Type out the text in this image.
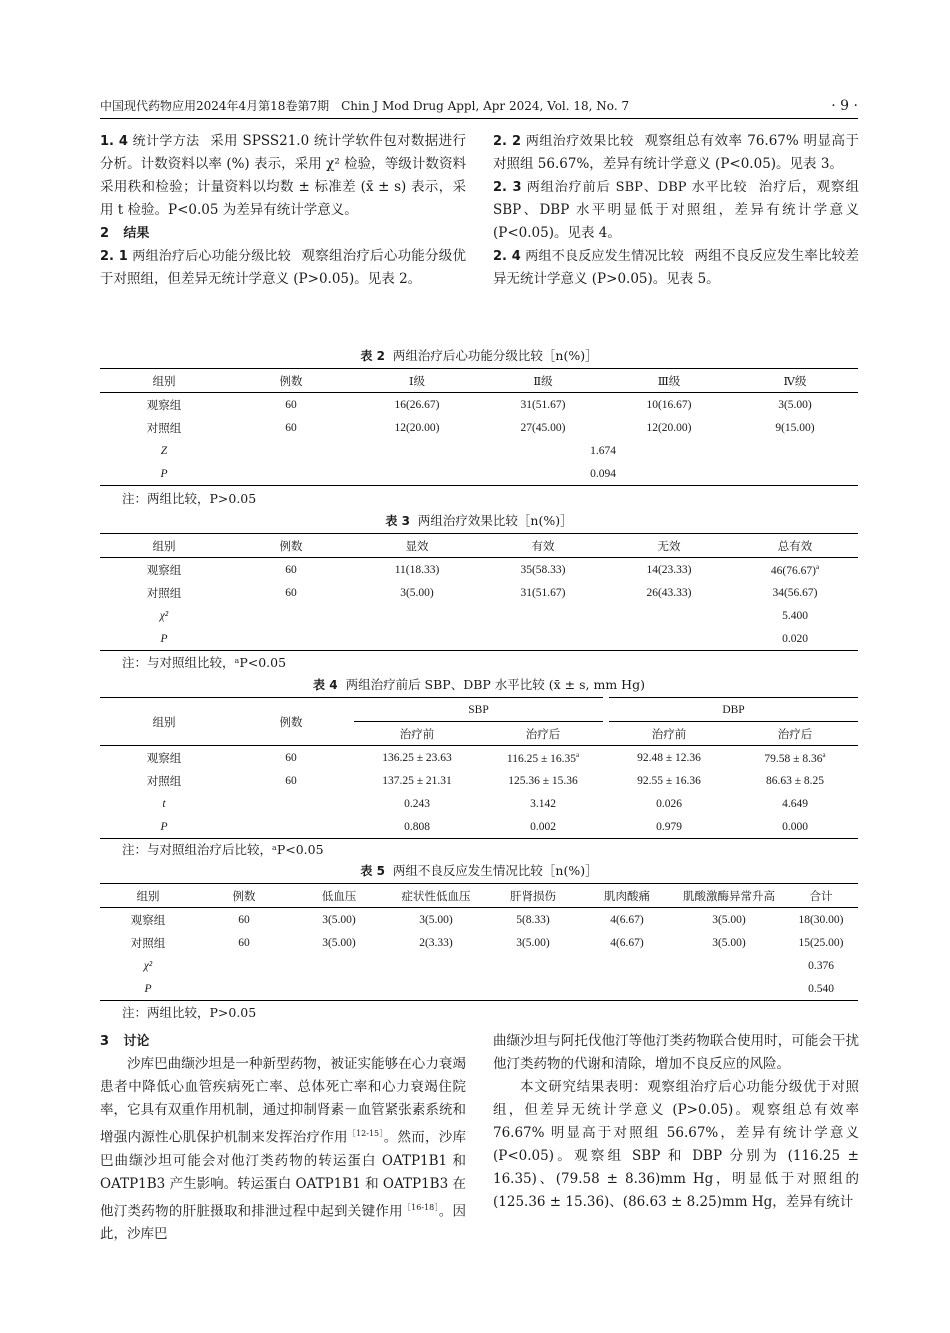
中国现代药物应用2024年4月第18卷第7期　Chin J Mod Drug Appl, Apr 2024, Vol. 18, No. 7	· 9 ·

1. 4 统计学方法 采用 SPSS21.0 统计学软件包对数据进行分析。计数资料以率 (%) 表示，采用 χ² 检验，等级计数资料采用秩和检验；计量资料以均数 ± 标准差 (x̄ ± s) 表示，采用 t 检验。P<0.05 为差异有统计学意义。

2 结果

2. 1 两组治疗后心功能分级比较 观察组治疗后心功能分级优于对照组，但差异无统计学意义 (P>0.05)。见表 2。

2. 2 两组治疗效果比较 观察组总有效率 76.67% 明显高于对照组 56.67%，差异有统计学意义 (P<0.05)。见表 3。

2. 3 两组治疗前后 SBP、DBP 水平比较 治疗后，观察组 SBP、DBP 水平明显低于对照组，差异有统计学意义 (P<0.05)。见表 4。

2. 4 两组不良反应发生情况比较 两组不良反应发生率比较差异无统计学意义 (P>0.05)。见表 5。

表 2 两组治疗后心功能分级比较［n(%)］
组别	例数	Ⅰ级	Ⅱ级	Ⅲ级	Ⅳ级
观察组	60	16(26.67)	31(51.67)	10(16.67)	3(5.00)
对照组	60	12(20.00)	27(45.00)	12(20.00)	9(15.00)
Z	1.674				
P	0.094				
注：两组比较，P>0.05
表 3 两组治疗效果比较［n(%)］
组别	例数	显效	有效	无效	总有效
观察组	60	11(18.33)	35(58.33)	14(23.33)	$46(76.67)^a$
对照组	60	3(5.00)	31(51.67)	26(43.33)	34(56.67)
χ²					5.400
P					0.020
注：与对照组比较，ᵃP<0.05
表 4 两组治疗前后 SBP、DBP 水平比较 (x̄ ± s, mm Hg)
组别	例数	SBP		DBP	
		治疗前	治疗后	治疗前	治疗后
观察组	60	136.25 ± 23.63	116.25 ± 16.35$^a$	92.48 ± 12.36	79.58 ± 8.36$^a$
对照组	60	137.25 ± 21.31	125.36 ± 15.36	92.55 ± 16.36	86.63 ± 8.25
t		0.243	3.142	0.026	4.649
P		0.808	0.002	0.979	0.000
注：与对照组治疗后比较，ᵃP<0.05
表 5 两组不良反应发生情况比较［n(%)］
组别	例数	低血压	症状性低血压	肝肾损伤	肌肉酸痛	肌酸激酶异常升高	合计
观察组	60	3(5.00)	3(5.00)	5(8.33)	4(6.67)	3(5.00)	18(30.00)
对照组	60	3(5.00)	2(3.33)	3(5.00)	4(6.67)	3(5.00)	15(25.00)
χ²							0.376
P							0.540
注：两组比较，P>0.05

3 讨论

沙库巴曲缬沙坦是一种新型药物，被证实能够在心力衰竭患者中降低心血管疾病死亡率、总体死亡率和心力衰竭住院率，它具有双重作用机制，通过抑制肾素－血管紧张素系统和增强内源性心肌保护机制来发挥治疗作用$^{[12-15]}$。然而，沙库巴曲缬沙坦可能会对他汀类药物的转运蛋白 OATP1B1 和 OATP1B3 产生影响。转运蛋白 OATP1B1 和 OATP1B3 在他汀类药物的肝脏摄取和排泄过程中起到关键作用$^{[16-18]}$。因此，沙库巴

曲缬沙坦与阿托伐他汀等他汀类药物联合使用时，可能会干扰他汀类药物的代谢和清除，增加不良反应的风险。

本文研究结果表明：观察组治疗后心功能分级优于对照组，但差异无统计学意义 (P>0.05)。观察组总有效率 76.67% 明显高于对照组 56.67%，差异有统计学意义 (P<0.05)。观察组 SBP 和 DBP 分别为 (116.25 ± 16.35)、(79.58 ± 8.36)mm Hg，明显低于对照组的 (125.36 ± 15.36)、(86.63 ± 8.25)mm Hg，差异有统计
